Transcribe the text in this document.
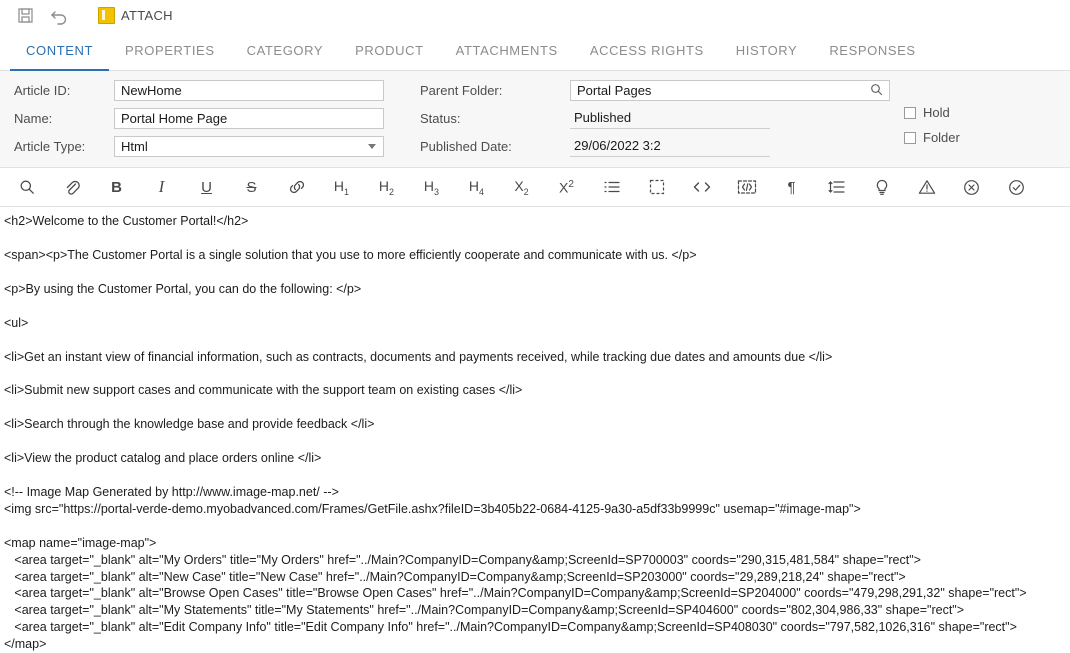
ATTACH
CONTENT PROPERTIES CATEGORY PRODUCT ATTACHMENTS ACCESS RIGHTS HISTORY RESPONSES
Article ID:
NewHome
Name:
Portal Home Page
Article Type:
Html
Parent Folder:
Portal Pages
Status:
Published
Published Date:
29/06/2022 3:2
Hold
Folder
B I U S	$H_1$ $H_2$ $H_3$ $H_4$ $X_2$ $X^2$	¶

<h2>Welcome to the Customer Portal!</h2>

<span><p>The Customer Portal is a single solution that you use to more efficiently cooperate and communicate with us. </p>

<p>By using the Customer Portal, you can do the following: </p>

<ul>

<li>Get an instant view of financial information, such as contracts, documents and payments received, while tracking due dates and amounts due </li>

<li>Submit new support cases and communicate with the support team on existing cases </li>

<li>Search through the knowledge base and provide feedback </li>

<li>View the product catalog and place orders online </li>

<!-- Image Map Generated by http://www.image-map.net/ -->

<img src="https://portal-verde-demo.myobadvanced.com/Frames/GetFile.ashx?fileID=3b405b22-0684-4125-9a30-a5df33b9999c" usemap="#image-map">

<map name="image-map">

<area target="_blank" alt="My Orders" title="My Orders" href="../Main?CompanyID=Company&amp;ScreenId=SP700003" coords="290,315,481,584" shape="rect">

<area target="_blank" alt="New Case" title="New Case" href="../Main?CompanyID=Company&amp;ScreenId=SP203000" coords="29,289,218,24" shape="rect">

<area target="_blank" alt="Browse Open Cases" title="Browse Open Cases" href="../Main?CompanyID=Company&amp;ScreenId=SP204000" coords="479,298,291,32" shape="rect">

<area target="_blank" alt="My Statements" title="My Statements" href="../Main?CompanyID=Company&amp;ScreenId=SP404600" coords="802,304,986,33" shape="rect">

<area target="_blank" alt="Edit Company Info" title="Edit Company Info" href="../Main?CompanyID=Company&amp;ScreenId=SP408030" coords="797,582,1026,316" shape="rect">

</map>
